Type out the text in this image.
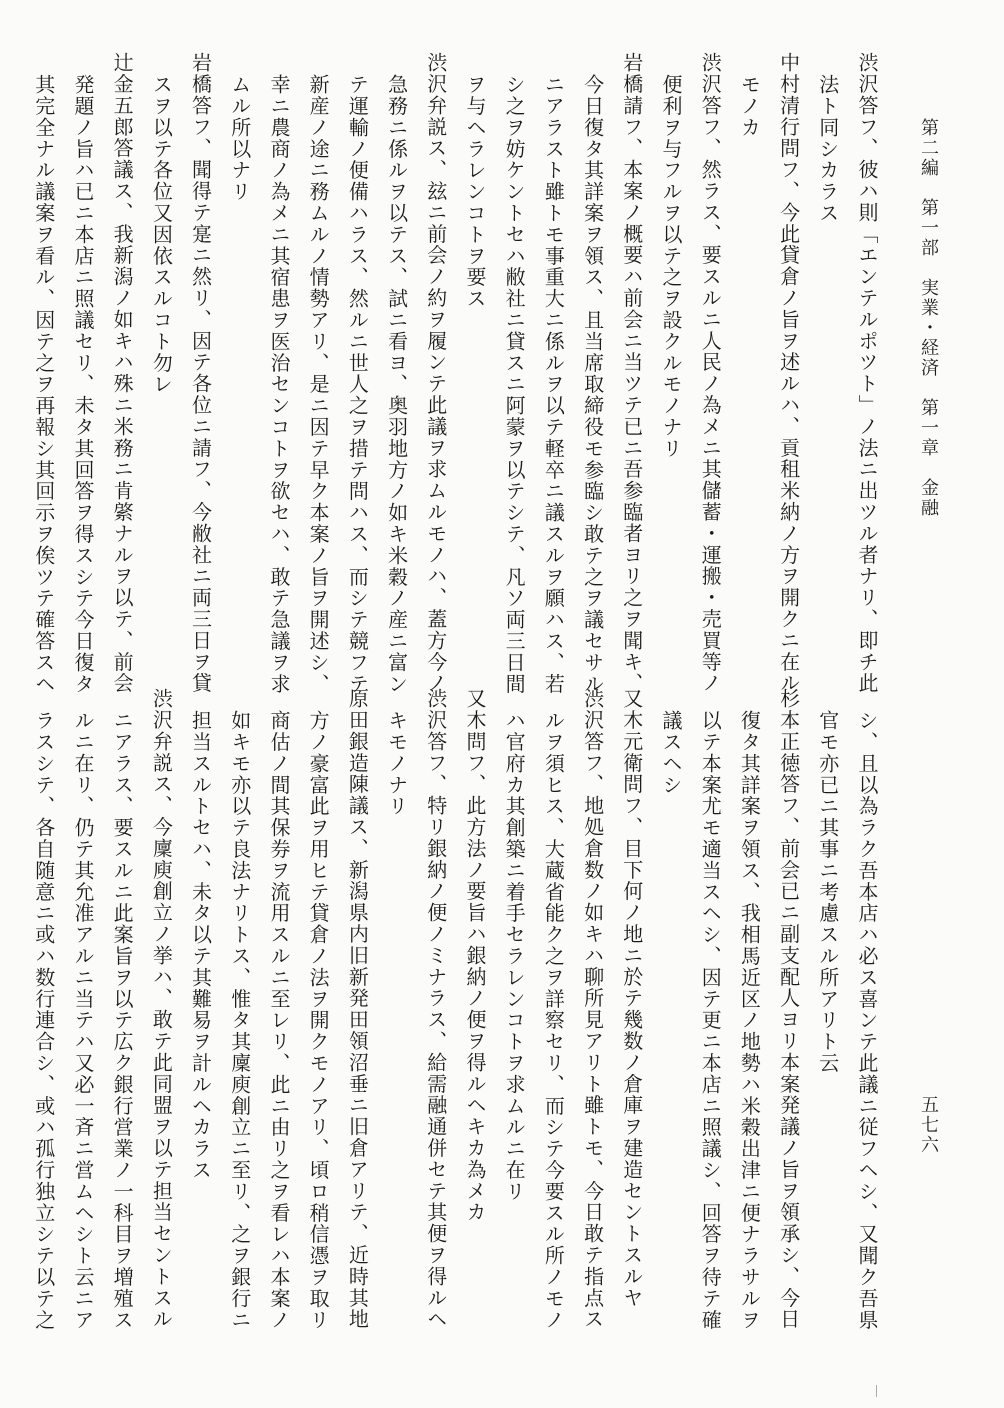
第二編　第一部　実業・経済　第一章　金融
五七六
渋沢答フ、彼ハ則「エンテルポツト」ノ法ニ出ツル者ナリ、即チ此
法ト同シカラス
中村清行問フ、今此貸倉ノ旨ヲ述ルハ、貢租米納ノ方ヲ開クニ在ル
モノカ
渋沢答フ、然ラス、要スルニ人民ノ為メニ其儲蓄・運搬・売買等ノ
便利ヲ与フルヲ以テ之ヲ設クルモノナリ
岩橋請フ、本案ノ概要ハ前会ニ当ツテ已ニ吾参臨者ヨリ之ヲ聞キ、
今日復タ其詳案ヲ領ス、且当席取締役モ参臨シ敢テ之ヲ議セサル
ニアラスト雖トモ事重大ニ係ルヲ以テ軽卒ニ議スルヲ願ハス、若
シ之ヲ妨ケントセハ敝社ニ貸スニ阿蒙ヲ以テシテ、凡ソ両三日間
ヲ与ヘラレンコトヲ要ス
渋沢弁説ス、玆ニ前会ノ約ヲ履ンテ此議ヲ求ムルモノハ、蓋方今ノ
急務ニ係ルヲ以テス、試ニ看ヨ、奥羽地方ノ如キ米穀ノ産ニ富ン
テ運輸ノ便備ハラス、然ルニ世人之ヲ措テ問ハス、而シテ競フテ
新産ノ途ニ務ムルノ情勢アリ、是ニ因テ早ク本案ノ旨ヲ開述シ、
幸ニ農商ノ為メニ其宿患ヲ医治センコトヲ欲セハ、敢テ急議ヲ求
ムル所以ナリ
岩橋答フ、聞得テ寔ニ然リ、因テ各位ニ請フ、今敝社ニ両三日ヲ貸
スヲ以テ各位又因依スルコト勿レ
辻金五郎答議ス、我新潟ノ如キハ殊ニ米務ニ肯綮ナルヲ以テ、前会
発題ノ旨ハ已ニ本店ニ照議セリ、未タ其回答ヲ得スシテ今日復タ
其完全ナル議案ヲ看ル、因テ之ヲ再報シ其回示ヲ俟ツテ確答スヘ
シ、且以為ラク吾本店ハ必ス喜ンテ此議ニ従フヘシ、又聞ク吾県
官モ亦已ニ其事ニ考慮スル所アリト云
杉本正徳答フ、前会已ニ副支配人ヨリ本案発議ノ旨ヲ領承シ、今日
復タ其詳案ヲ領ス、我相馬近区ノ地勢ハ米穀出津ニ便ナラサルヲ
以テ本案尤モ適当スヘシ、因テ更ニ本店ニ照議シ、回答ヲ待テ確
議スヘシ
又木元衛問フ、目下何ノ地ニ於テ幾数ノ倉庫ヲ建造セントスルヤ
渋沢答フ、地処倉数ノ如キハ聊所見アリト雖トモ、今日敢テ指点ス
ルヲ須ヒス、大蔵省能ク之ヲ詳察セリ、而シテ今要スル所ノモノ
ハ官府カ其創築ニ着手セラレンコトヲ求ムルニ在リ
又木問フ、此方法ノ要旨ハ銀納ノ便ヲ得ルヘキカ為メカ
渋沢答フ、特リ銀納ノ便ノミナラス、給需融通併セテ其便ヲ得ルヘ
キモノナリ
原田銀造陳議ス、新潟県内旧新発田領沼垂ニ旧倉アリテ、近時其地
方ノ豪富此ヲ用ヒテ貸倉ノ法ヲ開クモノアリ、頃ロ稍信憑ヲ取リ
商估ノ間其保券ヲ流用スルニ至レリ、此ニ由リ之ヲ看レハ本案ノ
如キモ亦以テ良法ナリトス、惟タ其廩庾創立ニ至リ、之ヲ銀行ニ
担当スルトセハ、未タ以テ其難易ヲ計ルヘカラス
渋沢弁説ス、今廩庾創立ノ挙ハ、敢テ此同盟ヲ以テ担当セントスル
ニアラス、要スルニ此案旨ヲ以テ広ク銀行営業ノ一科目ヲ増殖ス
ルニ在リ、仍テ其允准アルニ当テハ又必一斉ニ営ムヘシト云ニア
ラスシテ、各自随意ニ或ハ数行連合シ、或ハ孤行独立シテ以テ之
